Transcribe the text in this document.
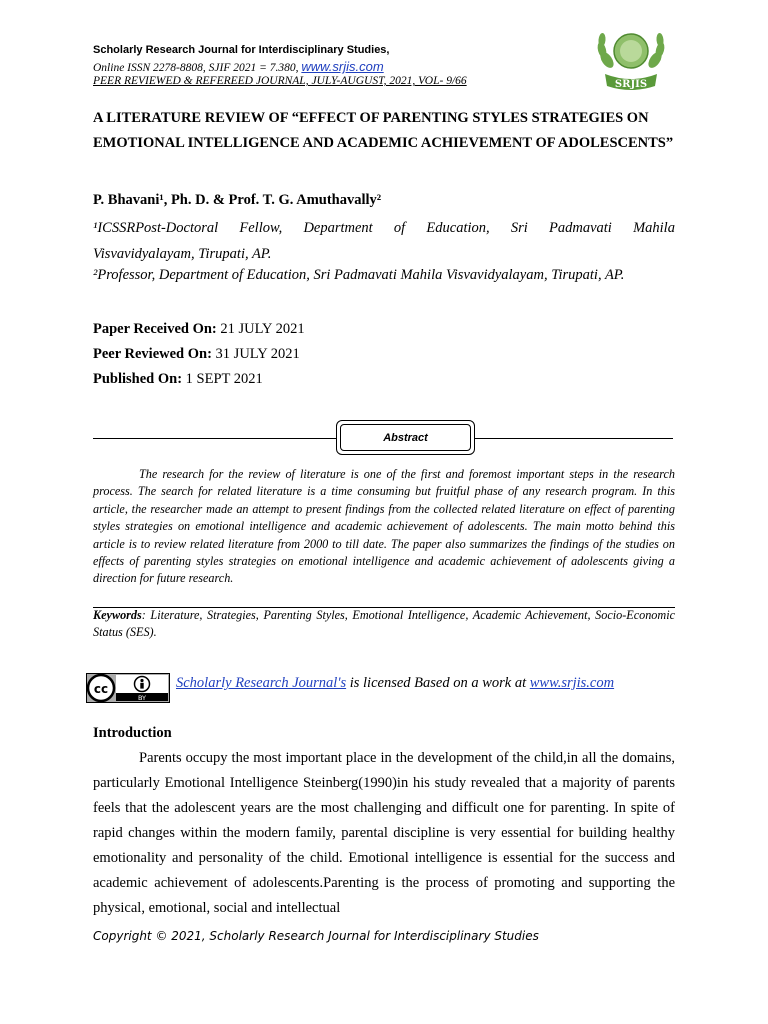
Scholarly Research Journal for Interdisciplinary Studies,
Online ISSN 2278-8808, SJIF 2021 = 7.380, www.srjis.com
PEER REVIEWED & REFEREED JOURNAL, JULY-AUGUST, 2021, VOL- 9/66	SRJIS
A LITERATURE REVIEW OF “EFFECT OF PARENTING STYLES STRATEGIES ON EMOTIONAL INTELLIGENCE AND ACADEMIC ACHIEVEMENT OF ADOLESCENTS”
P. Bhavani¹, Ph. D. & Prof. T. G. Amuthavally²
¹ICSSRPost-Doctoral Fellow, Department of Education, Sri Padmavati Mahila
Visvavidyalayam, Tirupati, AP.
²Professor, Department of Education, Sri Padmavati Mahila Visvavidyalayam, Tirupati, AP.
Paper Received On: 21 JULY 2021
Peer Reviewed On: 31 JULY 2021
Published On: 1 SEPT 2021
Abstract
The research for the review of literature is one of the first and foremost important steps in the research process. The search for related literature is a time consuming but fruitful phase of any research program. In this article, the researcher made an attempt to present findings from the collected related literature on effect of parenting styles strategies on emotional intelligence and academic achievement of adolescents. The main motto behind this article is to review related literature from 2000 to till date. The paper also summarizes the findings of the studies on effects of parenting styles strategies on emotional intelligence and academic achievement of adolescents giving a direction for future research.
Keywords: Literature, Strategies, Parenting Styles, Emotional Intelligence, Academic Achievement, Socio-Economic Status (SES).
cc
BY
Scholarly Research Journal's is licensed Based on a work at www.srjis.com
Introduction
Parents occupy the most important place in the development of the child,in all the domains, particularly Emotional Intelligence Steinberg(1990)in his study revealed that a majority of parents feels that the adolescent years are the most challenging and difficult one for parenting. In spite of rapid changes within the modern family, parental discipline is very essential for building healthy emotionality and personality of the child. Emotional intelligence is essential for the success and academic achievement of adolescents.Parenting is the process of promoting and supporting the physical, emotional, social and intellectual
Copyright © 2021, Scholarly Research Journal for Interdisciplinary Studies
